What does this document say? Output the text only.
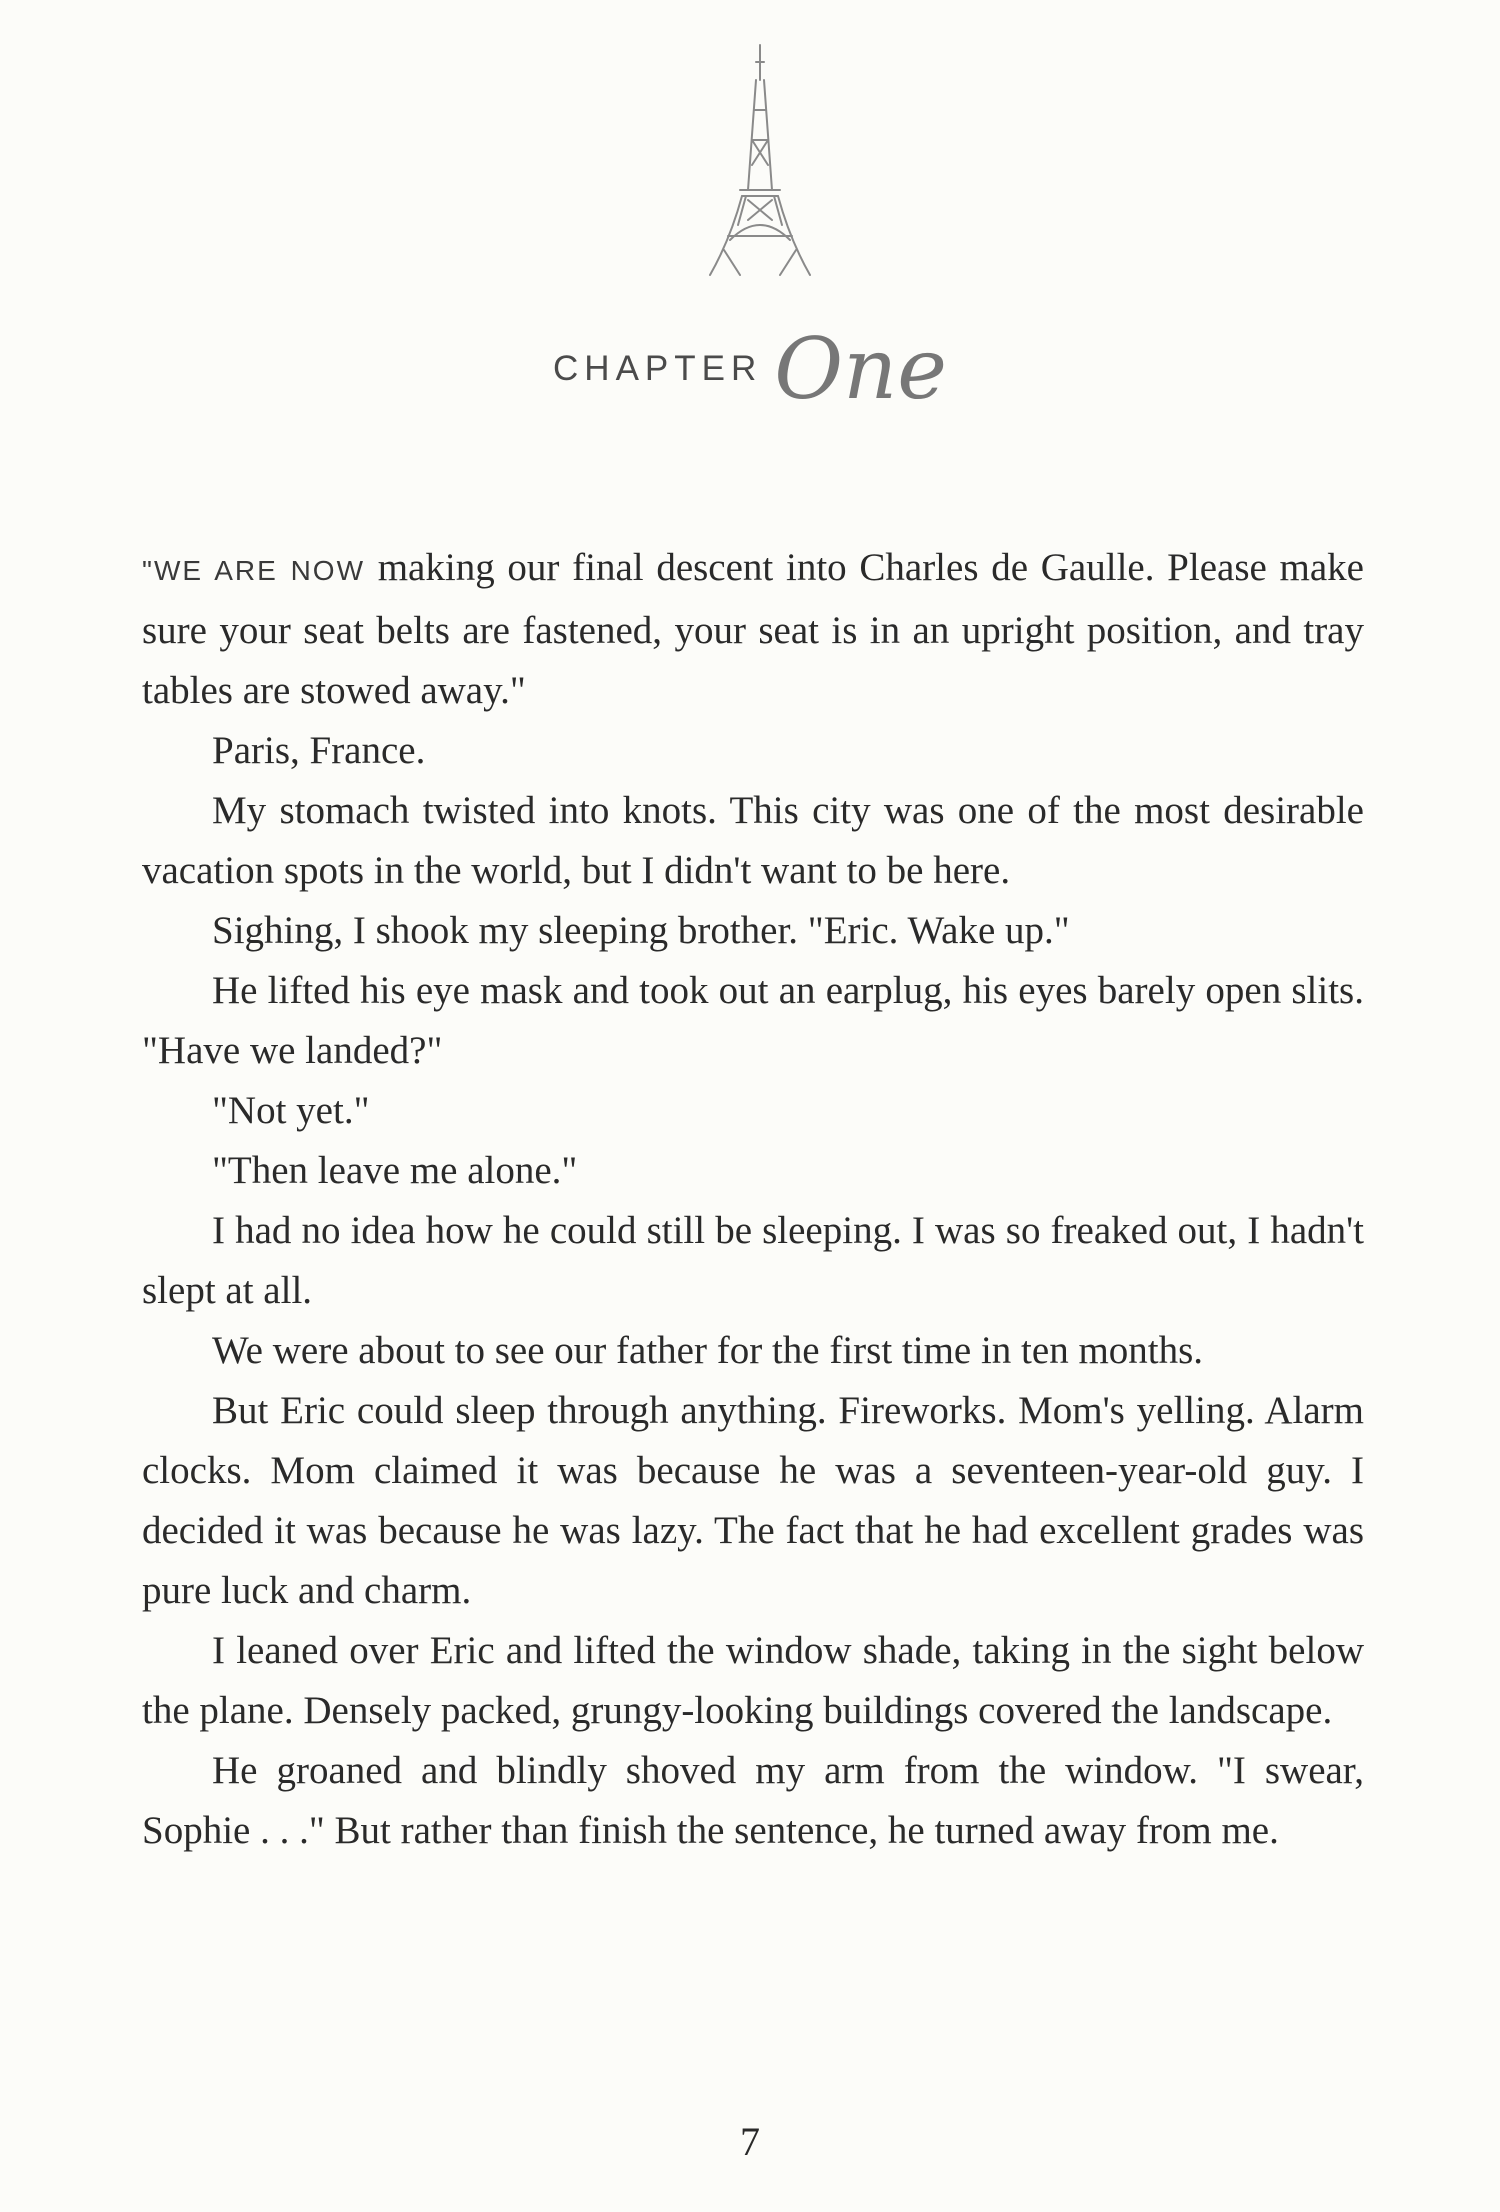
CHAPTER One

"WE ARE NOW making our final descent into Charles de Gaulle. Please make sure your seat belts are fastened, your seat is in an upright position, and tray tables are stowed away."

Paris, France.

My stomach twisted into knots. This city was one of the most desirable vacation spots in the world, but I didn't want to be here.

Sighing, I shook my sleeping brother. "Eric. Wake up."

He lifted his eye mask and took out an earplug, his eyes barely open slits. "Have we landed?"

"Not yet."

"Then leave me alone."

I had no idea how he could still be sleeping. I was so freaked out, I hadn't slept at all.

We were about to see our father for the first time in ten months.

But Eric could sleep through anything. Fireworks. Mom's yelling. Alarm clocks. Mom claimed it was because he was a seventeen-year-old guy. I decided it was because he was lazy. The fact that he had excellent grades was pure luck and charm.

I leaned over Eric and lifted the window shade, taking in the sight below the plane. Densely packed, grungy-looking buildings covered the landscape.

He groaned and blindly shoved my arm from the window. "I swear, Sophie . . ." But rather than finish the sentence, he turned away from me.

7
